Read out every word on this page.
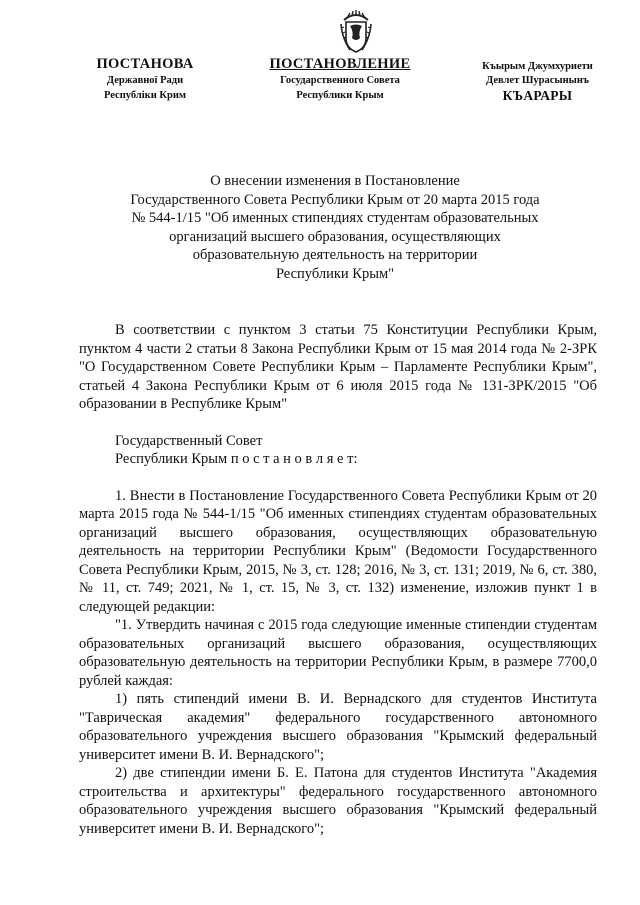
ПОСТАНОВА
Державної Ради
Республіки Крим
ПОСТАНОВЛЕНИЕ
Государственного Совета
Республики Крым
Къырым Джумхуриети
Девлет Шурасынынъ
КЪАРАРЫ
О внесении изменения в Постановление
Государственного Совета Республики Крым от 20 марта 2015 года
№ 544-1/15 "Об именных стипендиях студентам образовательных
организаций высшего образования, осуществляющих
образовательную деятельность на территории
Республики Крым"

В соответствии с пунктом 3 статьи 75 Конституции Республики Крым, пунктом 4 части 2 статьи 8 Закона Республики Крым от 15 мая 2014 года № 2-ЗРК "О Государственном Совете Республики Крым – Парламенте Республики Крым", статьей 4 Закона Республики Крым от 6 июля 2015 года № 131-ЗРК/2015 "Об образовании в Республике Крым"

Государственный Совет
Республики Крым п о с т а н о в л я е т:

1. Внести в Постановление Государственного Совета Республики Крым от 20 марта 2015 года № 544-1/15 "Об именных стипендиях студентам образовательных организаций высшего образования, осуществляющих образовательную деятельность на территории Республики Крым" (Ведомости Государственного Совета Республики Крым, 2015, № 3, ст. 128; 2016, № 3, ст. 131; 2019, № 6, ст. 380, № 11, ст. 749; 2021, № 1, ст. 15, № 3, ст. 132) изменение, изложив пункт 1 в следующей редакции:

"1. Утвердить начиная с 2015 года следующие именные стипендии студентам образовательных организаций высшего образования, осуществляющих образовательную деятельность на территории Республики Крым, в размере 7700,0 рублей каждая:

1) пять стипендий имени В. И. Вернадского для студентов Института "Таврическая академия" федерального государственного автономного образовательного учреждения высшего образования "Крымский федеральный университет имени В. И. Вернадского";

2) две стипендии имени Б. Е. Патона для студентов Института "Академия строительства и архитектуры" федерального государственного автономного образовательного учреждения высшего образования "Крымский федеральный университет имени В. И. Вернадского";
